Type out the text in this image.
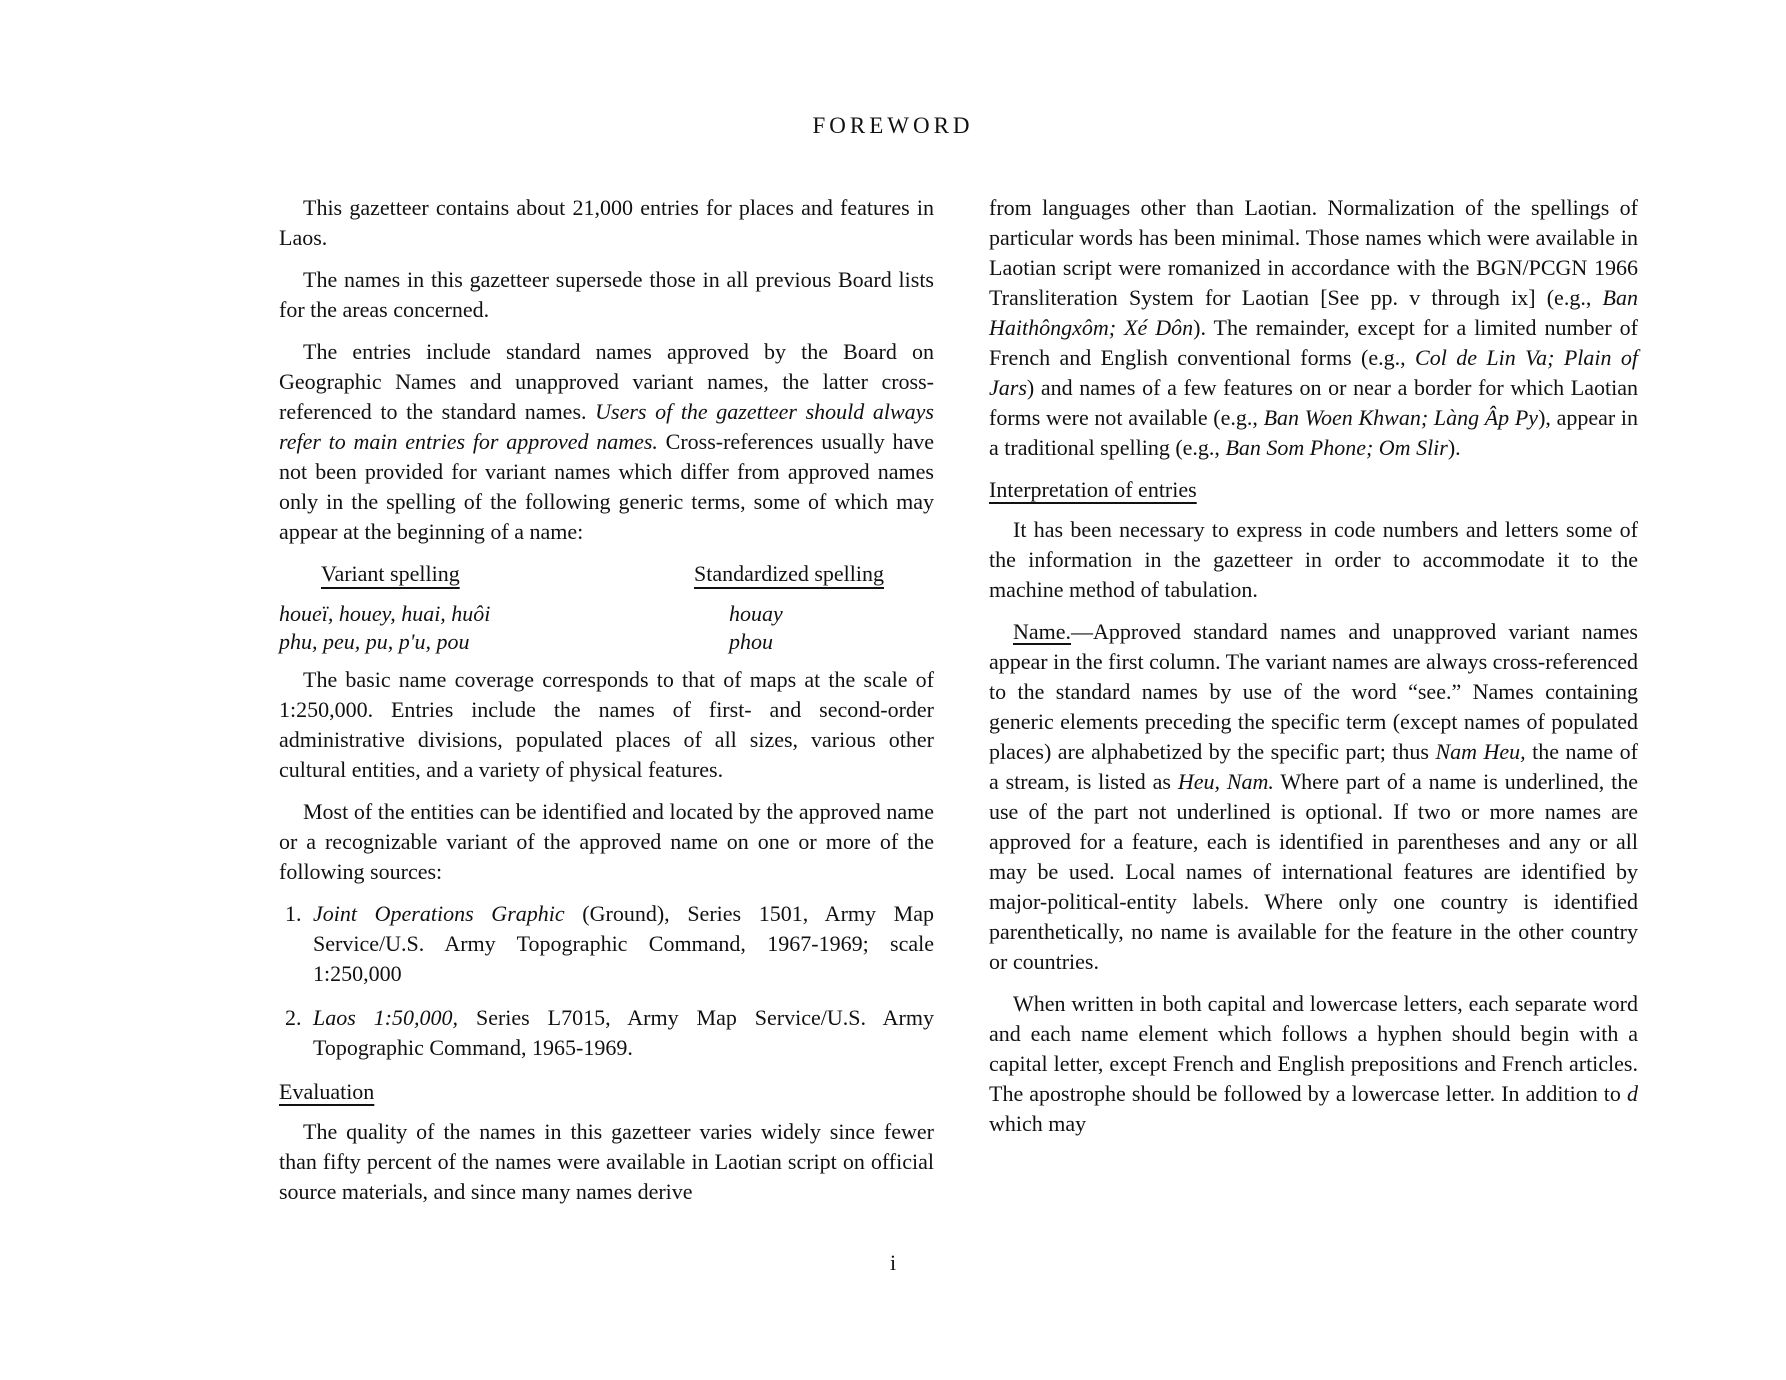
FOREWORD

This gazetteer contains about 21,000 entries for places and features in Laos.

The names in this gazetteer supersede those in all previous Board lists for the areas concerned.

The entries include standard names approved by the Board on Geographic Names and unapproved variant names, the latter cross-referenced to the standard names. Users of the gazetteer should always refer to main entries for approved names. Cross-references usually have not been provided for variant names which differ from approved names only in the spelling of the following generic terms, some of which may appear at the beginning of a name:

Variant spelling	Standardized spelling
houeï, houey, huai, huôi	houay
phu, peu, pu, p'u, pou	phou

The basic name coverage corresponds to that of maps at the scale of 1:250,000. Entries include the names of first- and second-order administrative divisions, populated places of all sizes, various other cultural entities, and a variety of physical features.

Most of the entities can be identified and located by the approved name or a recognizable variant of the approved name on one or more of the following sources:

1. Joint Operations Graphic (Ground), Series 1501, Army Map Service/U.S. Army Topographic Command, 1967-1969; scale 1:250,000
2. Laos 1:50,000, Series L7015, Army Map Service/U.S. Army Topographic Command, 1965-1969.
Evaluation

The quality of the names in this gazetteer varies widely since fewer than fifty percent of the names were available in Laotian script on official source materials, and since many names derive

from languages other than Laotian. Normalization of the spellings of particular words has been minimal. Those names which were available in Laotian script were romanized in accordance with the BGN/PCGN 1966 Transliteration System for Laotian [See pp. v through ix] (e.g., Ban Haithôngxôm; Xé Dôn). The remainder, except for a limited number of French and English conventional forms (e.g., Col de Lin Va; Plain of Jars) and names of a few features on or near a border for which Laotian forms were not available (e.g., Ban Woen Khwan; Làng Âp Py), appear in a traditional spelling (e.g., Ban Som Phone; Om Slir).

Interpretation of entries

It has been necessary to express in code numbers and letters some of the information in the gazetteer in order to accommodate it to the machine method of tabulation.

Name.—Approved standard names and unapproved variant names appear in the first column. The variant names are always cross-referenced to the standard names by use of the word “see.” Names containing generic elements preceding the specific term (except names of populated places) are alphabetized by the specific part; thus Nam Heu, the name of a stream, is listed as Heu, Nam. Where part of a name is underlined, the use of the part not underlined is optional. If two or more names are approved for a feature, each is identified in parentheses and any or all may be used. Local names of international features are identified by major-political-entity labels. Where only one country is identified parenthetically, no name is available for the feature in the other country or countries.

When written in both capital and lowercase letters, each separate word and each name element which follows a hyphen should begin with a capital letter, except French and English prepositions and French articles. The apostrophe should be followed by a lowercase letter. In addition to d which may

i
